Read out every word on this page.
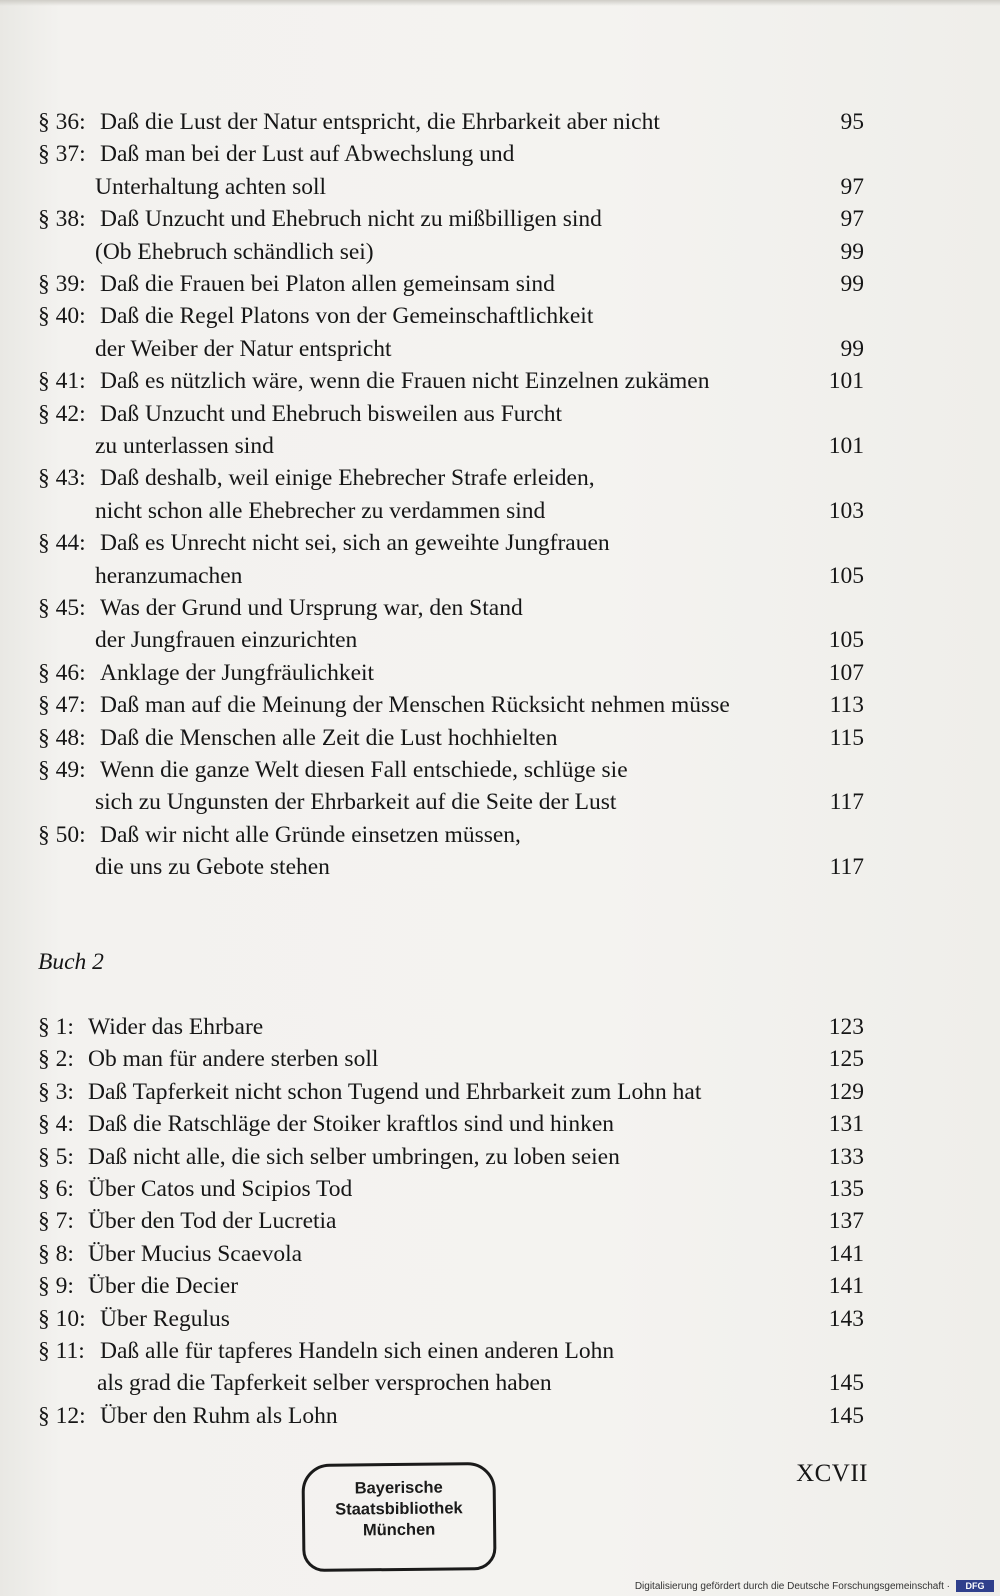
§ 36: Daß die Lust der Natur entspricht, die Ehrbarkeit aber nicht	95
§ 37: Daß man bei der Lust auf Abwechslung und
Unterhaltung achten soll	97
§ 38: Daß Unzucht und Ehebruch nicht zu mißbilligen sind	97
(Ob Ehebruch schändlich sei)	99
§ 39: Daß die Frauen bei Platon allen gemeinsam sind	99
§ 40: Daß die Regel Platons von der Gemeinschaftlichkeit
der Weiber der Natur entspricht	99
§ 41: Daß es nützlich wäre, wenn die Frauen nicht Einzelnen zukämen	101
§ 42: Daß Unzucht und Ehebruch bisweilen aus Furcht
zu unterlassen sind	101
§ 43: Daß deshalb, weil einige Ehebrecher Strafe erleiden,
nicht schon alle Ehebrecher zu verdammen sind	103
§ 44: Daß es Unrecht nicht sei, sich an geweihte Jungfrauen
heranzumachen	105
§ 45: Was der Grund und Ursprung war, den Stand
der Jungfrauen einzurichten	105
§ 46: Anklage der Jungfräulichkeit	107
§ 47: Daß man auf die Meinung der Menschen Rücksicht nehmen müsse	113
§ 48: Daß die Menschen alle Zeit die Lust hochhielten	115
§ 49: Wenn die ganze Welt diesen Fall entschiede, schlüge sie
sich zu Ungunsten der Ehrbarkeit auf die Seite der Lust	117
§ 50: Daß wir nicht alle Gründe einsetzen müssen,
die uns zu Gebote stehen	117
Buch 2
§ 1: Wider das Ehrbare	123
§ 2: Ob man für andere sterben soll	125
§ 3: Daß Tapferkeit nicht schon Tugend und Ehrbarkeit zum Lohn hat	129
§ 4: Daß die Ratschläge der Stoiker kraftlos sind und hinken	131
§ 5: Daß nicht alle, die sich selber umbringen, zu loben seien	133
§ 6: Über Catos und Scipios Tod	135
§ 7: Über den Tod der Lucretia	137
§ 8: Über Mucius Scaevola	141
§ 9: Über die Decier	141
§ 10: Über Regulus	143
§ 11: Daß alle für tapferes Handeln sich einen anderen Lohn
als grad die Tapferkeit selber versprochen haben	145
§ 12: Über den Ruhm als Lohn	145
XCVII
Bayerische
Staatsbibliothek
München
Digitalisierung gefördert durch die Deutsche Forschungsgemeinschaft ·	DFG
